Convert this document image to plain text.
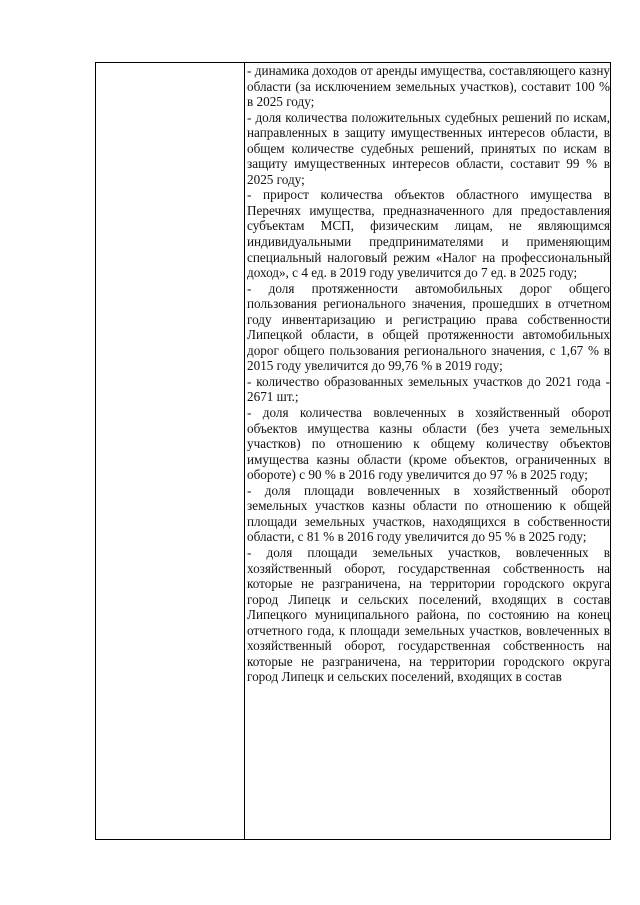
- динамика доходов от аренды имущества, составляющего казну области (за исключением земельных участков), составит 100 % в 2025 году;

- доля количества положительных судебных решений по искам, направленных в защиту имущественных интересов области, в общем количестве судебных решений, принятых по искам в защиту имущественных интересов области, составит 99 % в 2025 году;

- прирост количества объектов областного имущества в Перечнях имущества, предназначенного для предоставления субъектам МСП, физическим лицам, не являющимся индивидуальными предпринимателями и применяющим специальный налоговый режим «Налог на профессиональный доход», с 4 ед. в 2019 году увеличится до 7 ед. в 2025 году;

- доля протяженности автомобильных дорог общего пользования регионального значения, прошедших в отчетном году инвентаризацию и регистрацию права собственности Липецкой области, в общей протяженности автомобильных дорог общего пользования регионального значения, с 1,67 % в 2015 году увеличится до 99,76 % в 2019 году;

- количество образованных земельных участков до 2021 года - 2671 шт.;

- доля количества вовлеченных в хозяйственный оборот объектов имущества казны области (без учета земельных участков) по отношению к общему количеству объектов имущества казны области (кроме объектов, ограниченных в обороте) с 90 % в 2016 году увеличится до 97 % в 2025 году;

- доля площади вовлеченных в хозяйственный оборот земельных участков казны области по отношению к общей площади земельных участков, находящихся в собственности области, с 81 % в 2016 году увеличится до 95 % в 2025 году;

- доля площади земельных участков, вовлеченных в хозяйственный оборот, государственная собственность на которые не разграничена, на территории городского округа город Липецк и сельских поселений, входящих в состав Липецкого муниципального района, по состоянию на конец отчетного года, к площади земельных участков, вовлеченных в хозяйственный оборот, государственная собственность на которые не разграничена, на территории городского округа город Липецк и сельских поселений, входящих в состав
